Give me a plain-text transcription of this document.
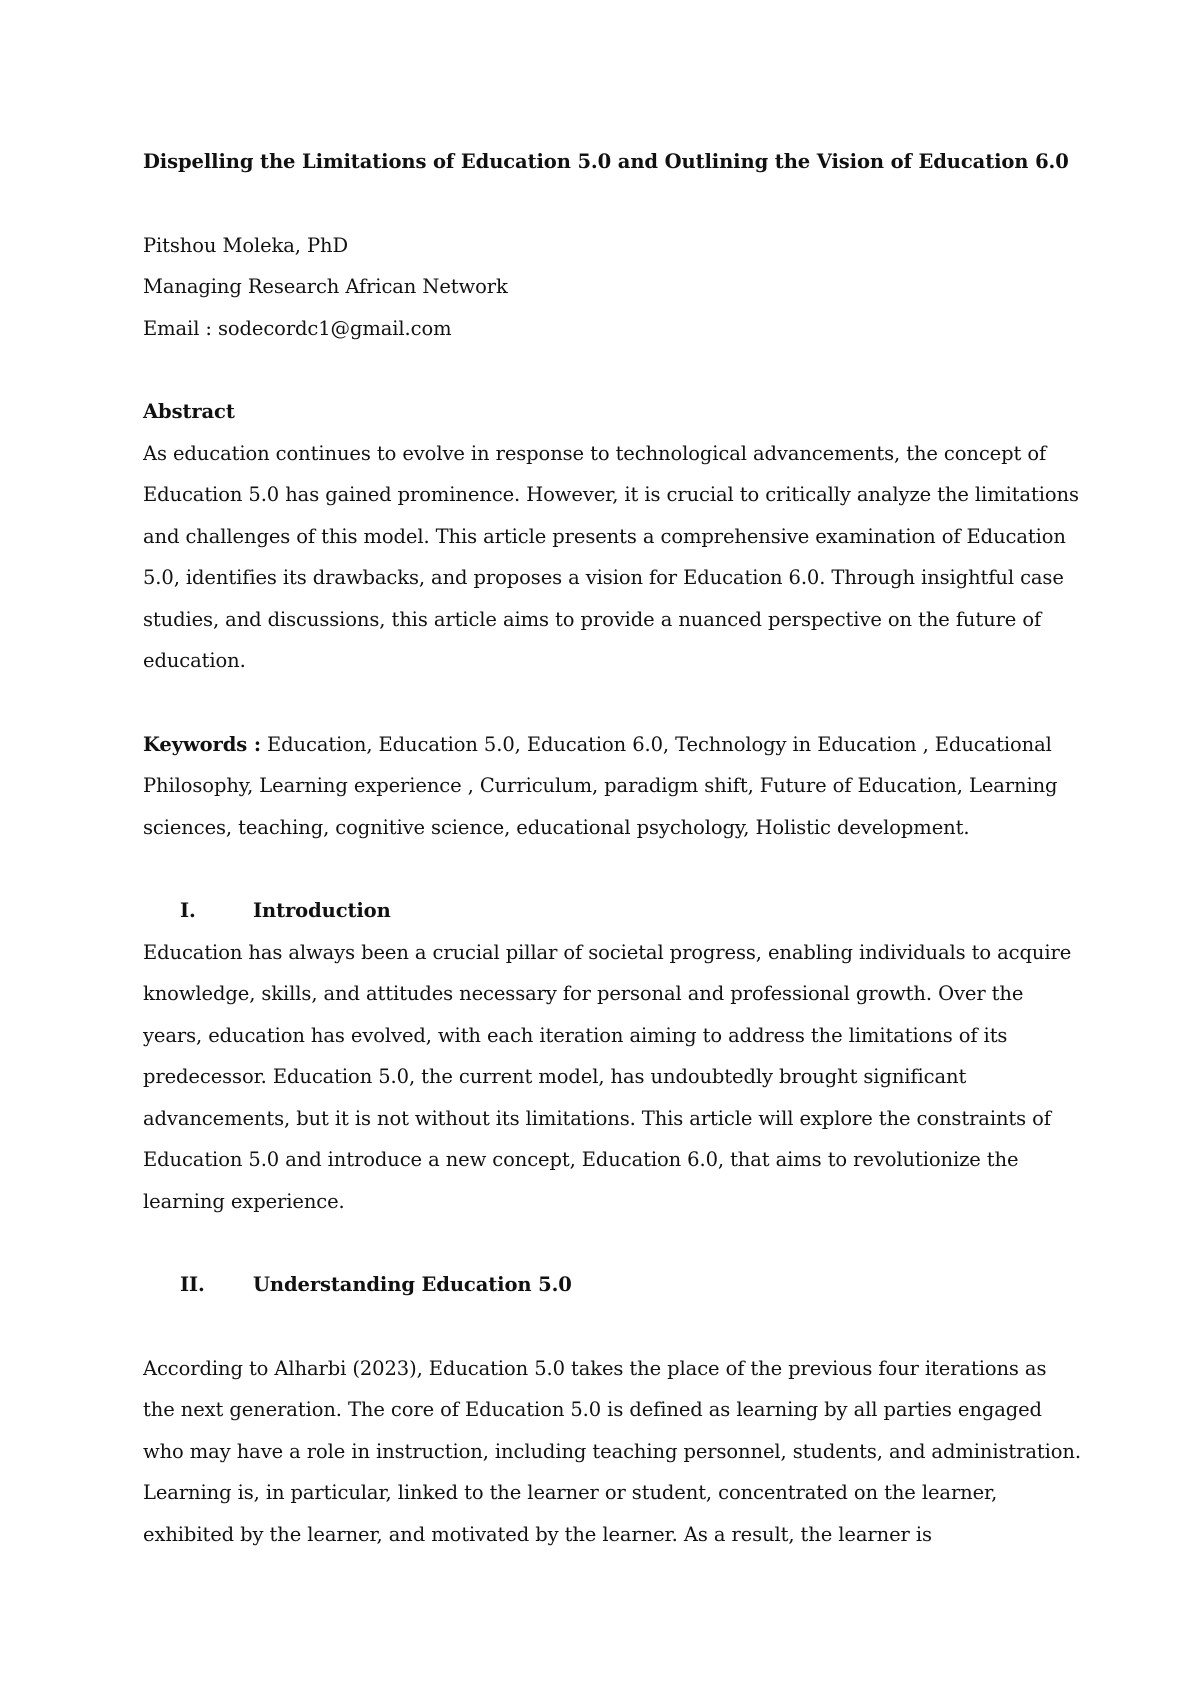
Dispelling the Limitations of Education 5.0 and Outlining the Vision of Education 6.0

Pitshou Moleka, PhD

Managing Research African Network

Email : sodecordc1@gmail.com

Abstract

As education continues to evolve in response to technological advancements, the concept of Education 5.0 has gained prominence. However, it is crucial to critically analyze the limitations and challenges of this model. This article presents a comprehensive examination of Education 5.0, identifies its drawbacks, and proposes a vision for Education 6.0. Through insightful case studies, and discussions, this article aims to provide a nuanced perspective on the future of education.

Keywords : Education, Education 5.0, Education 6.0, Technology in Education , Educational Philosophy, Learning experience , Curriculum, paradigm shift, Future of Education, Learning sciences, teaching, cognitive science, educational psychology, Holistic development.

I.	Introduction

Education has always been a crucial pillar of societal progress, enabling individuals to acquire knowledge, skills, and attitudes necessary for personal and professional growth. Over the years, education has evolved, with each iteration aiming to address the limitations of its predecessor. Education 5.0, the current model, has undoubtedly brought significant advancements, but it is not without its limitations. This article will explore the constraints of Education 5.0 and introduce a new concept, Education 6.0, that aims to revolutionize the learning experience.

II.	Understanding Education 5.0

According to Alharbi (2023), Education 5.0 takes the place of the previous four iterations as the next generation. The core of Education 5.0 is defined as learning by all parties engaged who may have a role in instruction, including teaching personnel, students, and administration. Learning is, in particular, linked to the learner or student, concentrated on the learner, exhibited by the learner, and motivated by the learner. As a result, the learner is
